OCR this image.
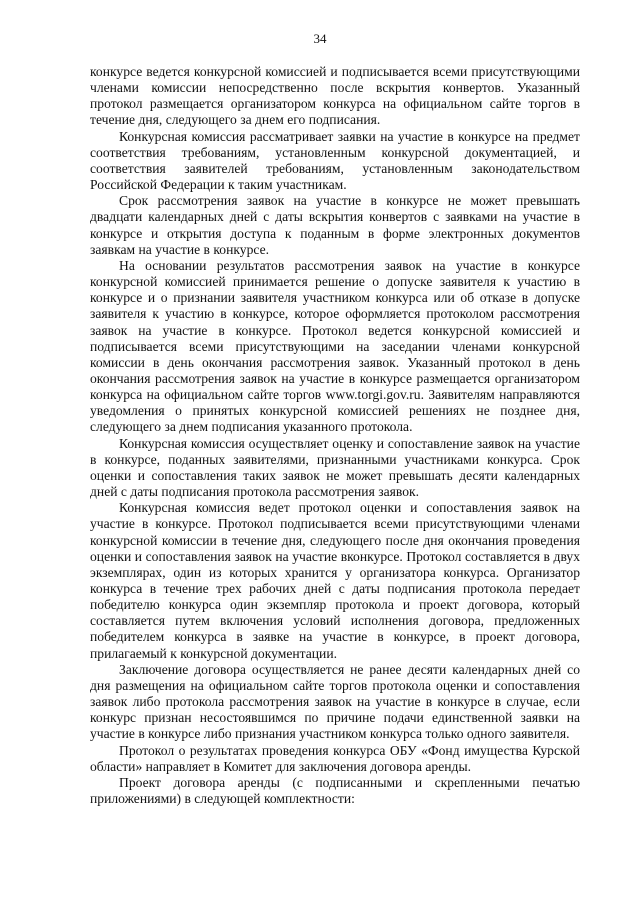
34

конкурсе ведется конкурсной комиссией и подписывается всеми присутствующими членами комиссии непосредственно после вскрытия конвертов. Указанный протокол размещается организатором конкурса на официальном сайте торгов в течение дня, следующего за днем его подписания.

Конкурсная комиссия рассматривает заявки на участие в конкурсе на предмет соответствия требованиям, установленным конкурсной документацией, и соответствия заявителей требованиям, установленным законодательством Российской Федерации к таким участникам.

Срок рассмотрения заявок на участие в конкурсе не может превышать двадцати календарных дней с даты вскрытия конвертов с заявками на участие в конкурсе и открытия доступа к поданным в форме электронных документов заявкам на участие в конкурсе.

На основании результатов рассмотрения заявок на участие в конкурсе конкурсной комиссией принимается решение о допуске заявителя к участию в конкурсе и о признании заявителя участником конкурса или об отказе в допуске заявителя к участию в конкурсе, которое оформляется протоколом рассмотрения заявок на участие в конкурсе. Протокол ведется конкурсной комиссией и подписывается всеми присутствующими на заседании членами конкурсной комиссии в день окончания рассмотрения заявок. Указанный протокол в день окончания рассмотрения заявок на участие в конкурсе размещается организатором конкурса на официальном сайте торгов www.torgi.gov.ru. Заявителям направляются уведомления о принятых конкурсной комиссией решениях не позднее дня, следующего за днем подписания указанного протокола.

Конкурсная комиссия осуществляет оценку и сопоставление заявок на участие в конкурсе, поданных заявителями, признанными участниками конкурса. Срок оценки и сопоставления таких заявок не может превышать десяти календарных дней с даты подписания протокола рассмотрения заявок.

Конкурсная комиссия ведет протокол оценки и сопоставления заявок на участие в конкурсе. Протокол подписывается всеми присутствующими членами конкурсной комиссии в течение дня, следующего после дня окончания проведения оценки и сопоставления заявок на участие вконкурсе. Протокол составляется в двух экземплярах, один из которых хранится у организатора конкурса. Организатор конкурса в течение трех рабочих дней с даты подписания протокола передает победителю конкурса один экземпляр протокола и проект договора, который составляется путем включения условий исполнения договора, предложенных победителем конкурса в заявке на участие в конкурсе, в проект договора, прилагаемый к конкурсной документации.

Заключение договора осуществляется не ранее десяти календарных дней со дня размещения на официальном сайте торгов протокола оценки и сопоставления заявок либо протокола рассмотрения заявок на участие в конкурсе в случае, если конкурс признан несостоявшимся по причине подачи единственной заявки на участие в конкурсе либо признания участником конкурса только одного заявителя.

Протокол о результатах проведения конкурса ОБУ «Фонд имущества Курской области» направляет в Комитет для заключения договора аренды.

Проект договора аренды (с подписанными и скрепленными печатью приложениями) в следующей комплектности:
